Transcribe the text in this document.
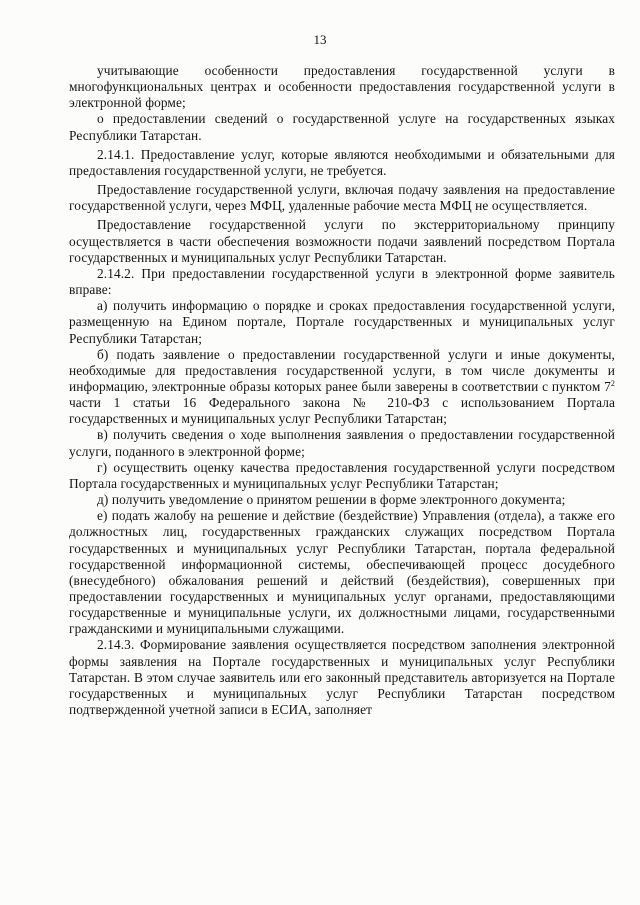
13

учитывающие особенности предоставления государственной услуги в многофункциональных центрах и особенности предоставления государственной услуги в электронной форме;

о предоставлении сведений о государственной услуге на государственных языках Республики Татарстан.

2.14.1. Предоставление услуг, которые являются необходимыми и обязательными для предоставления государственной услуги, не требуется.

Предоставление государственной услуги, включая подачу заявления на предоставление государственной услуги, через МФЦ, удаленные рабочие места МФЦ не осуществляется.

Предоставление государственной услуги по экстерриториальному принципу осуществляется в части обеспечения возможности подачи заявлений посредством Портала государственных и муниципальных услуг Республики Татарстан.

2.14.2. При предоставлении государственной услуги в электронной форме заявитель вправе:

а) получить информацию о порядке и сроках предоставления государственной услуги, размещенную на Едином портале, Портале государственных и муниципальных услуг Республики Татарстан;

б) подать заявление о предоставлении государственной услуги и иные документы, необходимые для предоставления государственной услуги, в том числе документы и информацию, электронные образы которых ранее были заверены в соответствии с пунктом $7^2$ части 1 статьи 16 Федерального закона № 210-ФЗ с использованием Портала государственных и муниципальных услуг Республики Татарстан;

в) получить сведения о ходе выполнения заявления о предоставлении государственной услуги, поданного в электронной форме;

г) осуществить оценку качества предоставления государственной услуги посредством Портала государственных и муниципальных услуг Республики Татарстан;

д) получить уведомление о принятом решении в форме электронного документа;

е) подать жалобу на решение и действие (бездействие) Управления (отдела), а также его должностных лиц, государственных гражданских служащих посредством Портала государственных и муниципальных услуг Республики Татарстан, портала федеральной государственной информационной системы, обеспечивающей процесс досудебного (внесудебного) обжалования решений и действий (бездействия), совершенных при предоставлении государственных и муниципальных услуг органами, предоставляющими государственные и муниципальные услуги, их должностными лицами, государственными гражданскими и муниципальными служащими.

2.14.3. Формирование заявления осуществляется посредством заполнения электронной формы заявления на Портале государственных и муниципальных услуг Республики Татарстан. В этом случае заявитель или его законный представитель авторизуется на Портале государственных и муниципальных услуг Республики Татарстан посредством подтвержденной учетной записи в ЕСИА, заполняет
